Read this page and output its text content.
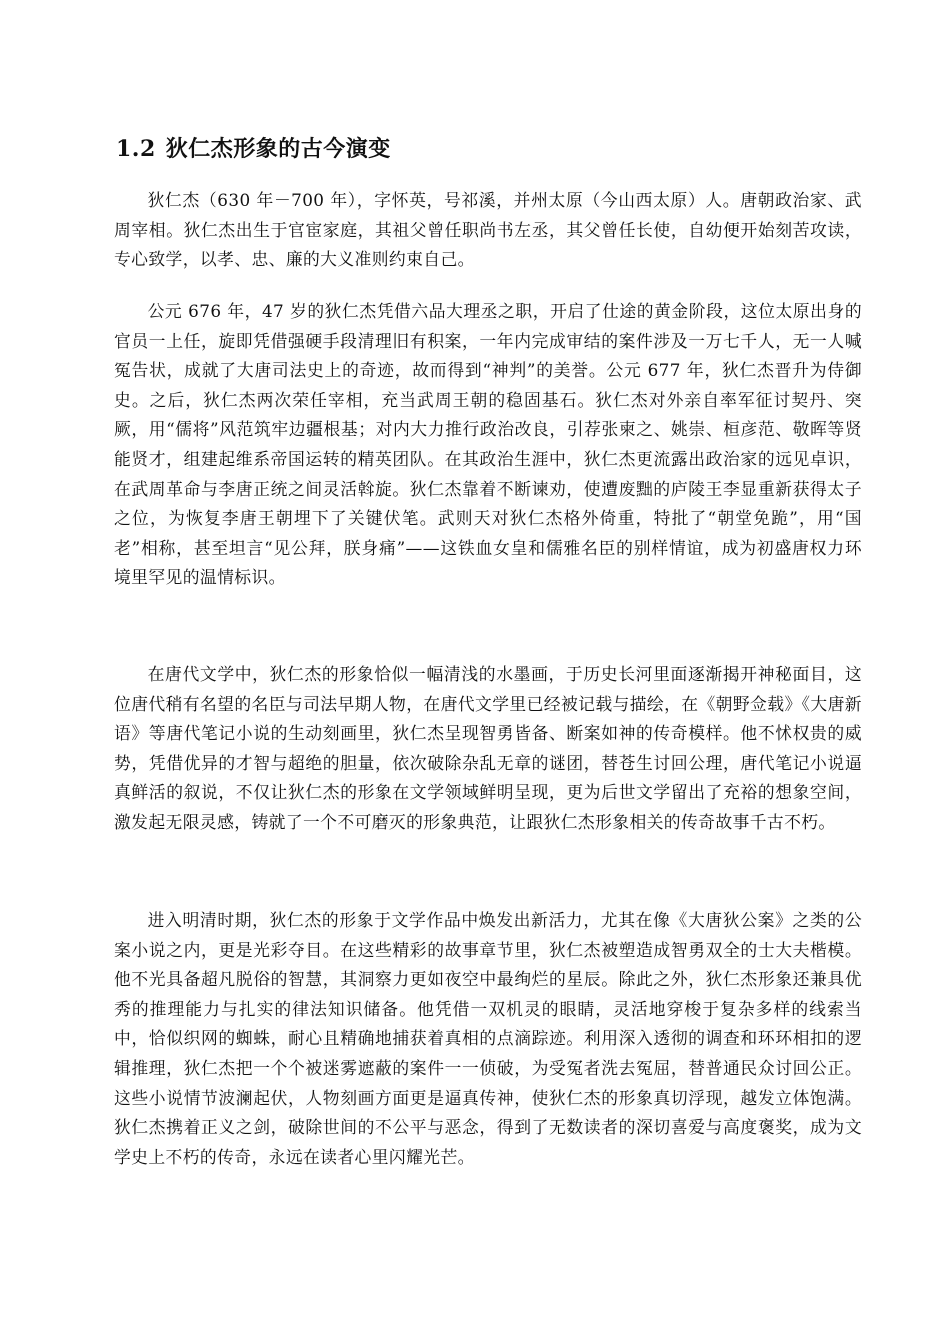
1.2 狄仁杰形象的古今演变

狄仁杰（630 年－700 年），字怀英，号祁溪，并州太原（今山西太原）人。唐朝政治家、武周宰相。狄仁杰出生于官宦家庭，其祖父曾任职尚书左丞，其父曾任长使，自幼便开始刻苦攻读，专心致学，以孝、忠、廉的大义准则约束自己。

公元 676 年，47 岁的狄仁杰凭借六品大理丞之职，开启了仕途的黄金阶段，这位太原出身的官员一上任，旋即凭借强硬手段清理旧有积案，一年内完成审结的案件涉及一万七千人，无一人喊冤告状，成就了大唐司法史上的奇迹，故而得到“神判”的美誉。公元 677 年，狄仁杰晋升为侍御史。之后，狄仁杰两次荣任宰相，充当武周王朝的稳固基石。狄仁杰对外亲自率军征讨契丹、突厥，用“儒将”风范筑牢边疆根基；对内大力推行政治改良，引荐张柬之、姚崇、桓彦范、敬晖等贤能贤才，组建起维系帝国运转的精英团队。在其政治生涯中，狄仁杰更流露出政治家的远见卓识，在武周革命与李唐正统之间灵活斡旋。狄仁杰靠着不断谏劝，使遭废黜的庐陵王李显重新获得太子之位，为恢复李唐王朝埋下了关键伏笔。武则天对狄仁杰格外倚重，特批了“朝堂免跪”，用“国老”相称，甚至坦言“见公拜，朕身痛”——这铁血女皇和儒雅名臣的别样情谊，成为初盛唐权力环境里罕见的温情标识。

在唐代文学中，狄仁杰的形象恰似一幅清浅的水墨画，于历史长河里面逐渐揭开神秘面目，这位唐代稍有名望的名臣与司法早期人物，在唐代文学里已经被记载与描绘，在《朝野佥载》《大唐新语》等唐代笔记小说的生动刻画里，狄仁杰呈现智勇皆备、断案如神的传奇模样。他不怵权贵的威势，凭借优异的才智与超绝的胆量，依次破除杂乱无章的谜团，替苍生讨回公理，唐代笔记小说逼真鲜活的叙说，不仅让狄仁杰的形象在文学领域鲜明呈现，更为后世文学留出了充裕的想象空间，激发起无限灵感，铸就了一个不可磨灭的形象典范，让跟狄仁杰形象相关的传奇故事千古不朽。

进入明清时期，狄仁杰的形象于文学作品中焕发出新活力，尤其在像《大唐狄公案》之类的公案小说之内，更是光彩夺目。在这些精彩的故事章节里，狄仁杰被塑造成智勇双全的士大夫楷模。他不光具备超凡脱俗的智慧，其洞察力更如夜空中最绚烂的星辰。除此之外，狄仁杰形象还兼具优秀的推理能力与扎实的律法知识储备。他凭借一双机灵的眼睛，灵活地穿梭于复杂多样的线索当中，恰似织网的蜘蛛，耐心且精确地捕获着真相的点滴踪迹。利用深入透彻的调查和环环相扣的逻辑推理，狄仁杰把一个个被迷雾遮蔽的案件一一侦破，为受冤者洗去冤屈，替普通民众讨回公正。这些小说情节波澜起伏，人物刻画方面更是逼真传神，使狄仁杰的形象真切浮现，越发立体饱满。狄仁杰携着正义之剑，破除世间的不公平与恶念，得到了无数读者的深切喜爱与高度褒奖，成为文学史上不朽的传奇，永远在读者心里闪耀光芒。
